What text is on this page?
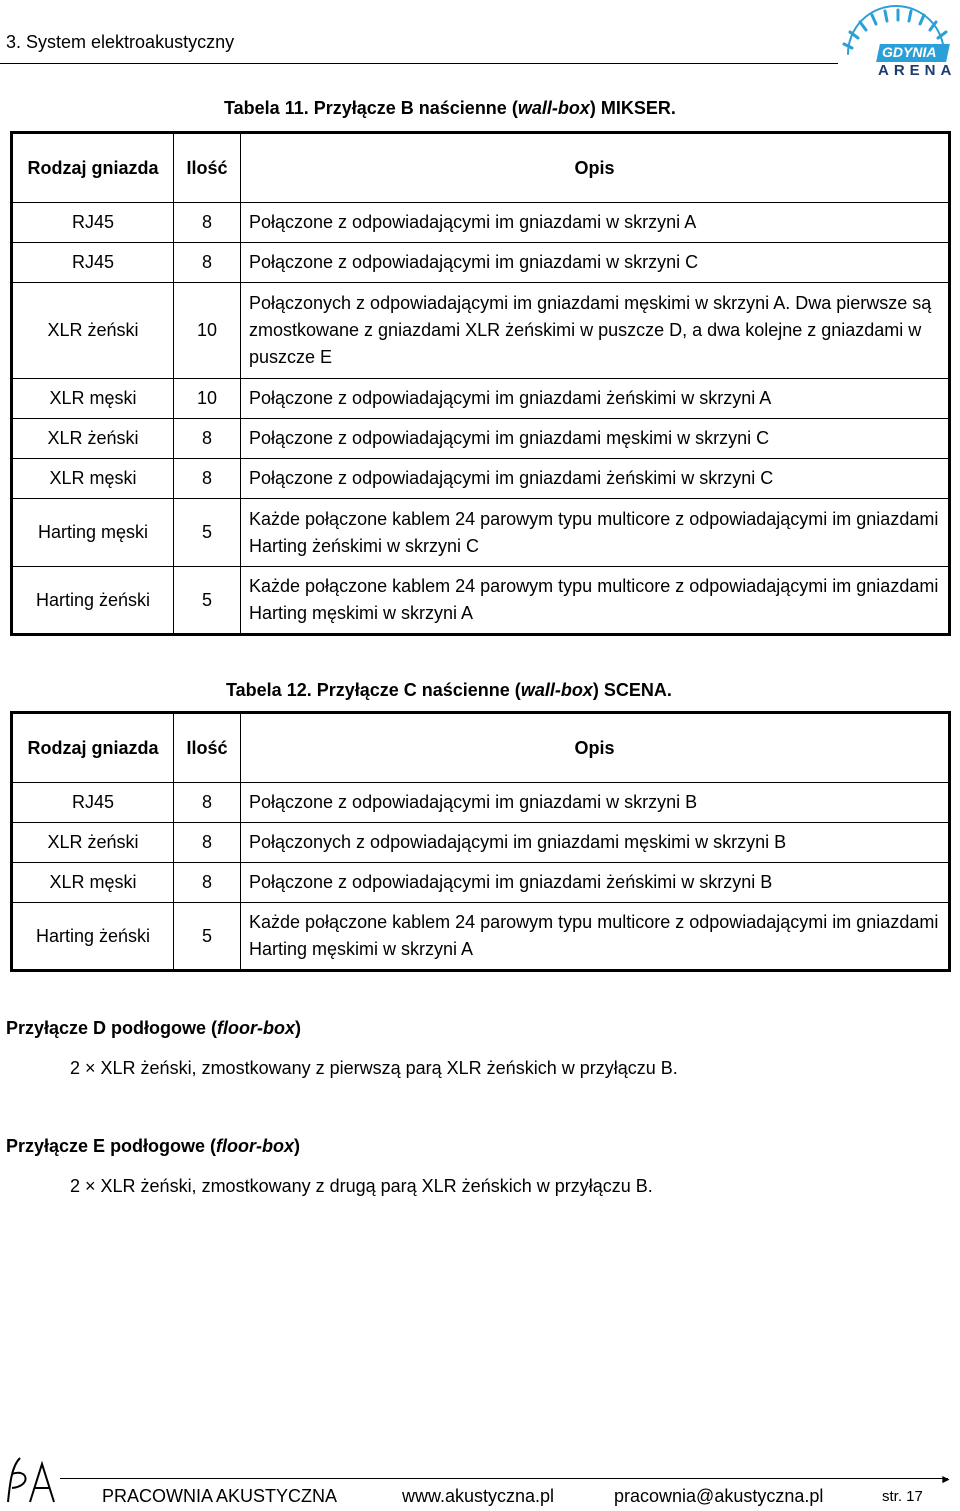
3. System elektroakustyczny	GDYNIA
ARENA
Tabela 11. Przyłącze B naścienne (wall-box) MIKSER.
Rodzaj gniazda	Ilość	Opis
RJ45	8	Połączone z odpowiadającymi im gniazdami w skrzyni A
RJ45	8	Połączone z odpowiadającymi im gniazdami w skrzyni C
XLR żeński	10	Połączonych z odpowiadającymi im gniazdami męskimi w skrzyni A. Dwa pierwsze są zmostkowane z gniazdami XLR żeńskimi w puszcze D, a dwa kolejne z gniazdami w puszcze E
XLR męski	10	Połączone z odpowiadającymi im gniazdami żeńskimi w skrzyni A
XLR żeński	8	Połączone z odpowiadającymi im gniazdami męskimi w skrzyni C
XLR męski	8	Połączone z odpowiadającymi im gniazdami żeńskimi w skrzyni C
Harting męski	5	Każde połączone kablem 24 parowym typu multicore z odpowiadającymi im gniazdami Harting żeńskimi w skrzyni C
Harting żeński	5	Każde połączone kablem 24 parowym typu multicore z odpowiadającymi im gniazdami Harting męskimi w skrzyni A
Tabela 12. Przyłącze C naścienne (wall-box) SCENA.
Rodzaj gniazda	Ilość	Opis
RJ45	8	Połączone z odpowiadającymi im gniazdami w skrzyni B
XLR żeński	8	Połączonych z odpowiadającymi im gniazdami męskimi w skrzyni B
XLR męski	8	Połączone z odpowiadającymi im gniazdami żeńskimi w skrzyni B
Harting żeński	5	Każde połączone kablem 24 parowym typu multicore z odpowiadającymi im gniazdami Harting męskimi w skrzyni A
Przyłącze D podłogowe (floor-box)
2 × XLR żeński, zmostkowany z pierwszą parą XLR żeńskich w przyłączu B.
Przyłącze E podłogowe (floor-box)
2 × XLR żeński, zmostkowany z drugą parą XLR żeńskich w przyłączu B.
►
PRACOWNIA AKUSTYCZNA	www.akustyczna.pl	pracownia@akustyczna.pl	str. 17
